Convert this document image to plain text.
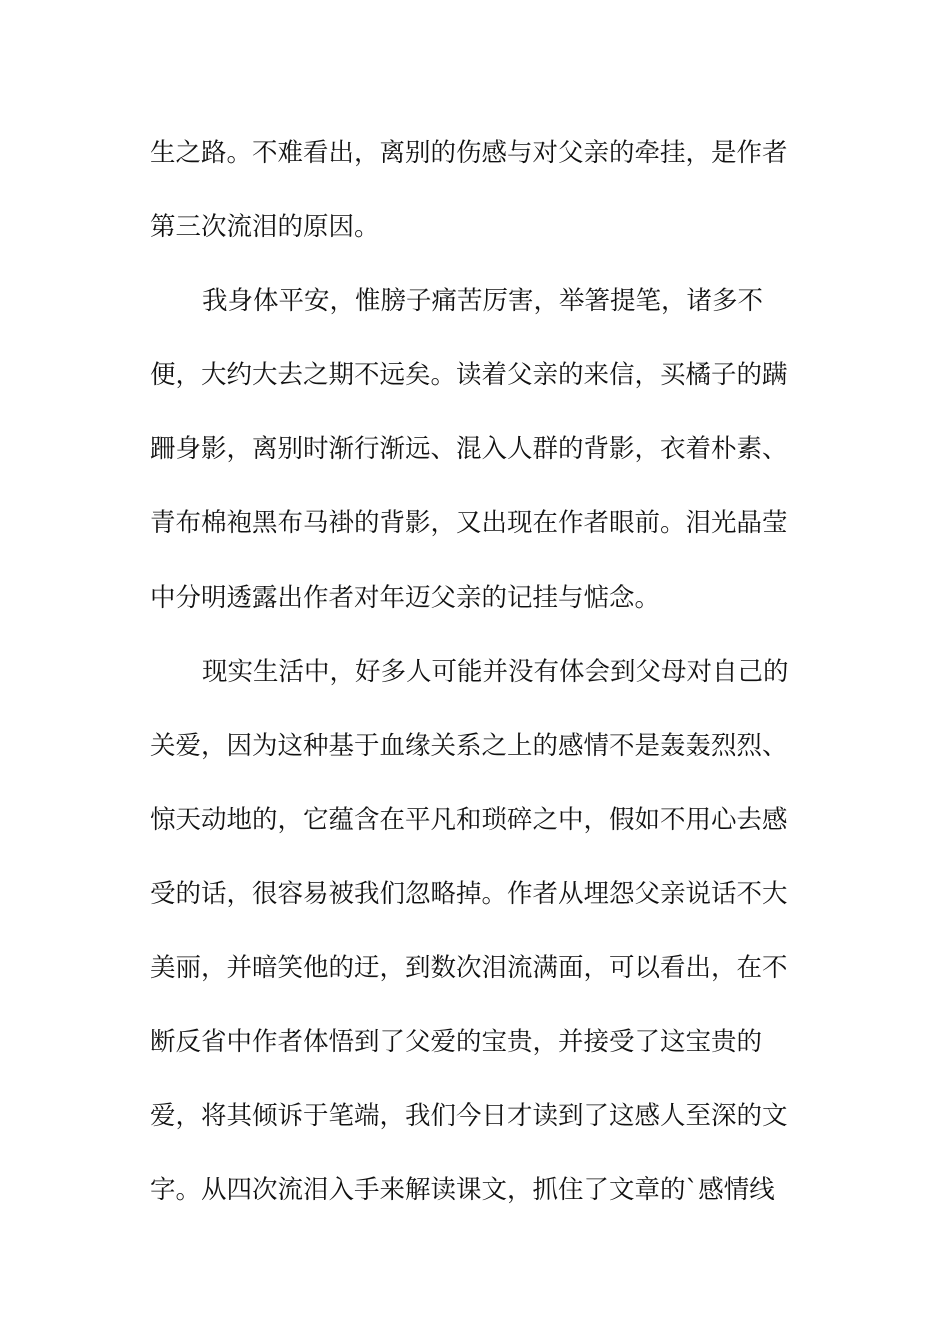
生之路。不难看出，离别的伤感与对父亲的牵挂，是作者
第三次流泪的原因。
我身体平安，惟膀子痛苦厉害，举箸提笔，诸多不
便，大约大去之期不远矣。读着父亲的来信，买橘子的蹒
跚身影，离别时渐行渐远、混入人群的背影，衣着朴素、
青布棉袍黑布马褂的背影，又出现在作者眼前。泪光晶莹
中分明透露出作者对年迈父亲的记挂与惦念。
现实生活中，好多人可能并没有体会到父母对自己的
关爱，因为这种基于血缘关系之上的感情不是轰轰烈烈、
惊天动地的，它蕴含在平凡和琐碎之中，假如不用心去感
受的话，很容易被我们忽略掉。作者从埋怨父亲说话不大
美丽，并暗笑他的迂，到数次泪流满面，可以看出，在不
断反省中作者体悟到了父爱的宝贵，并接受了这宝贵的
爱，将其倾诉于笔端，我们今日才读到了这感人至深的文
字。从四次流泪入手来解读课文，抓住了文章的`感情线
